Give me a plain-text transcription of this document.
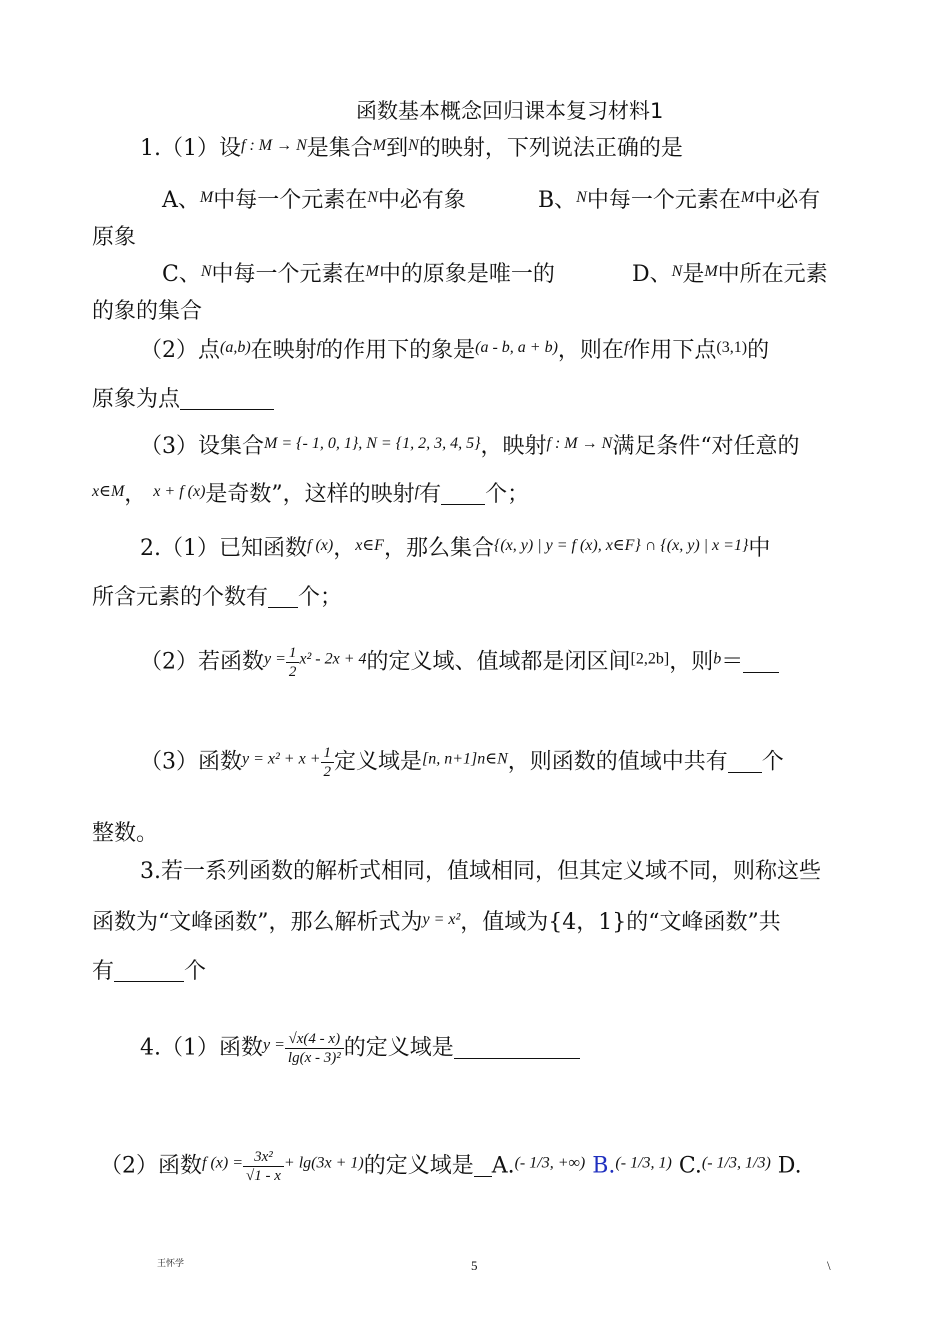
函数基本概念回归课本复习材料1
1.（1）设$^{f : M \to N}$是集合$^M$到$^N$的映射，下列说法正确的是
A、$^M$中每一个元素在$^N$中必有象	B、$^N$中每一个元素在$^M$中必有
原象
C、$^N$中每一个元素在$^M$中的原象是唯一的	D、$^N$是$^M$中所在元素
的象的集合
（2）点$^{(a,b)}$在映射$^f$的作用下的象是$^{(a - b, a + b)}$，则在$^f$作用下点$^{(3,1)}$的
原象为点
（3）设集合$^{M = \{- 1, 0, 1\}, N = \{1, 2, 3, 4, 5\}}$，映射$^{f : M \to N}$满足条件“对任意的
$^{x\in M}$， $^{x + f (x)}$是奇数”，这样的映射$^f$有 个；
2.（1）已知函数$^{f (x)}$，$^{x\in F}$，那么集合$^{\{(x, y) | y = f (x), x\in F\} \cap \{(x, y) | x =1\}}$中
所含元素的个数有 个；
（2）若函数$^{y =} \frac{1}{2} ^{x^2 - 2x + 4}$的定义域、值域都是闭区间[2,2b]，则$^b$＝
（3）函数$^{y = x^2 + x +} \frac{1}{2}$ 定义域是$^{[n, n+1]n\in N}$，则函数的值域中共有 个
整数。
3.若一系列函数的解析式相同，值域相同，但其定义域不同，则称这些
函数为“文峰函数”，那么解析式为$^{y = x^2}$，值域为{4，1}的“文峰函数”共
有	个
4.（1）函数$^{y =} \frac{√x(4 - x)}{\text{lg(x - 3)²}}$ 的定义域是
（2）函数$^{f (x) =} \frac{\text{3x²}}{√1 - x} ^{+ lg(3x + 1)}$的定义域是 A.$^{(- 1/3, +\infty)}$ B.$^{(- 1/3, 1)}$ C.$^{(- 1/3, 1/3)}$ D.
王怀学	5	\
